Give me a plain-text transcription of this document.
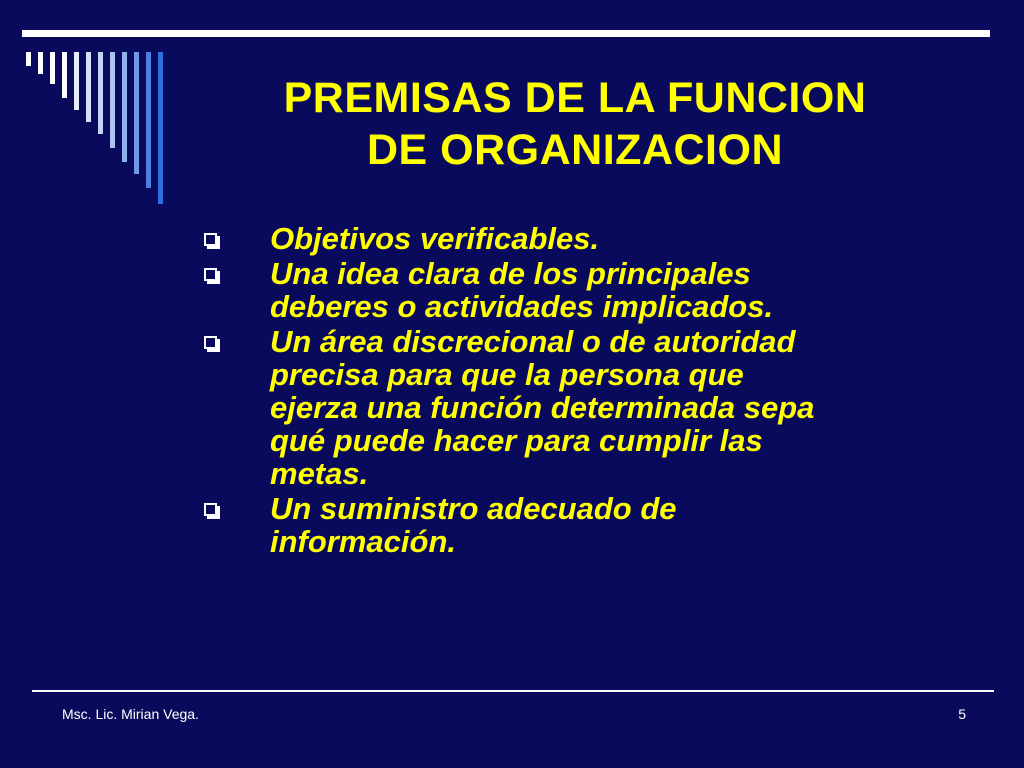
PREMISAS DE LA FUNCION
DE ORGANIZACION
Objetivos verificables.
Una idea clara de los principales
deberes o actividades implicados.
Un área discrecional o de autoridad
precisa para que la persona que
ejerza una función determinada sepa
qué puede hacer para cumplir las
metas.
Un suministro adecuado de
información.
Msc. Lic. Mirian Vega.	5
